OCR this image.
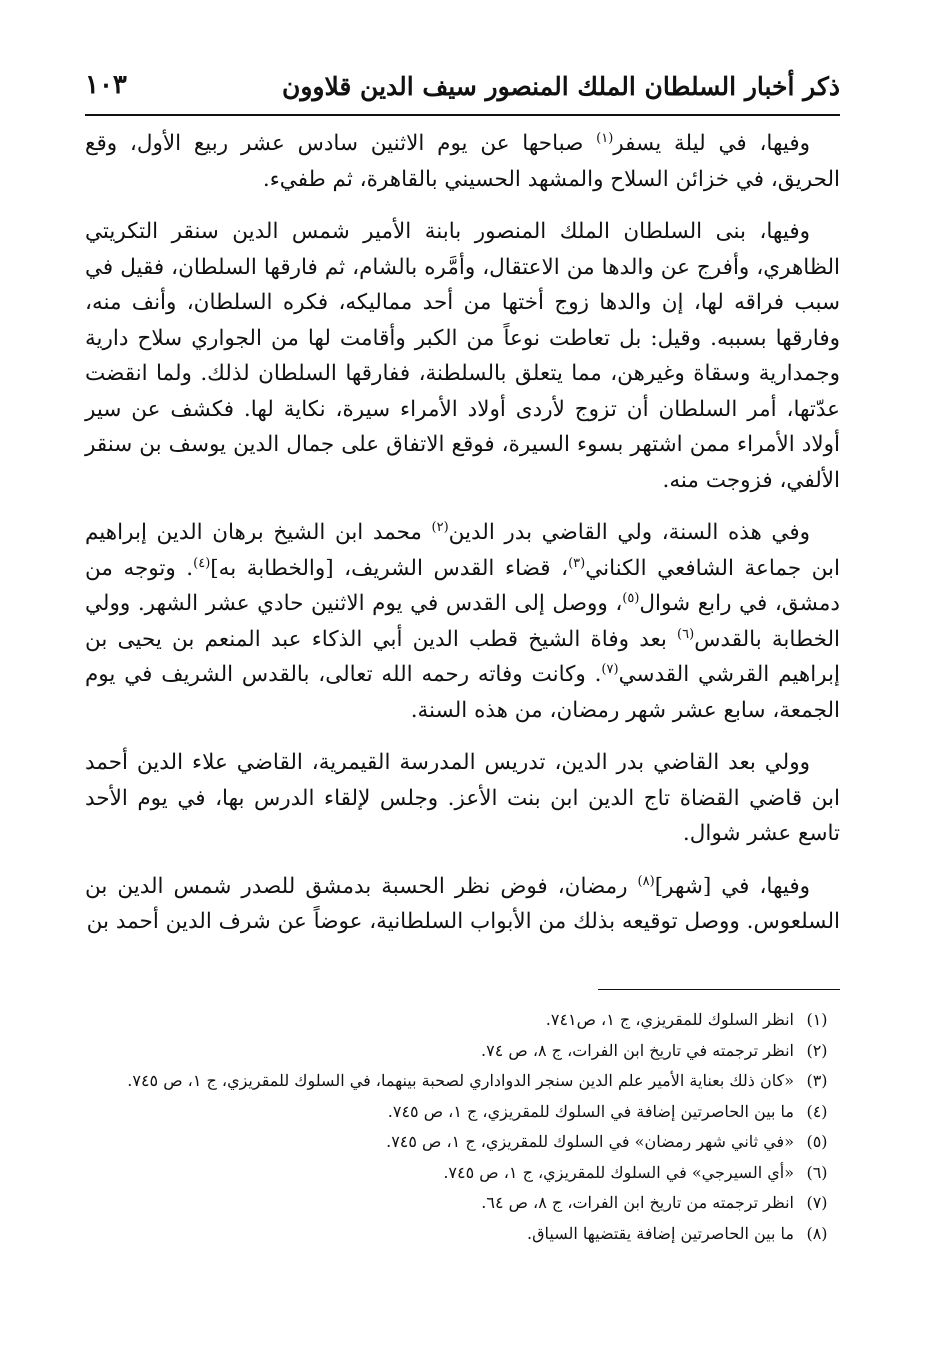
ذكر أخبار السلطان الملك المنصور سيف الدين قلاوون
١٠٣

وفيها، في ليلة يسفر$^{(١)}$ صباحها عن يوم الاثنين سادس عشر ربيع الأول، وقع الحريق، في خزائن السلاح والمشهد الحسيني بالقاهرة، ثم طفيء.

وفيها، بنى السلطان الملك المنصور بابنة الأمير شمس الدين سنقر التكريتي الظاهري، وأفرج عن والدها من الاعتقال، وأمَّره بالشام، ثم فارقها السلطان، فقيل في سبب فراقه لها، إن والدها زوج أختها من أحد مماليكه، فكره السلطان، وأنف منه، وفارقها بسببه. وقيل: بل تعاطت نوعاً من الكبر وأقامت لها من الجواري سلاح دارية وجمدارية وسقاة وغيرهن، مما يتعلق بالسلطنة، ففارقها السلطان لذلك. ولما انقضت عدّتها، أمر السلطان أن تزوج لأردى أولاد الأمراء سيرة، نكاية لها. فكشف عن سير أولاد الأمراء ممن اشتهر بسوء السيرة، فوقع الاتفاق على جمال الدين يوسف بن سنقر الألفي، فزوجت منه.

وفي هذه السنة، ولي القاضي بدر الدين$^{(٢)}$ محمد ابن الشيخ برهان الدين إبراهيم ابن جماعة الشافعي الكناني$^{(٣)}$، قضاء القدس الشريف، [والخطابة به]$^{(٤)}$. وتوجه من دمشق، في رابع شوال$^{(٥)}$، ووصل إلى القدس في يوم الاثنين حادي عشر الشهر. وولي الخطابة بالقدس$^{(٦)}$ بعد وفاة الشيخ قطب الدين أبي الذكاء عبد المنعم بن يحيى بن إبراهيم القرشي القدسي$^{(٧)}$. وكانت وفاته رحمه الله تعالى، بالقدس الشريف في يوم الجمعة، سابع عشر شهر رمضان، من هذه السنة.

وولي بعد القاضي بدر الدين، تدريس المدرسة القيمرية، القاضي علاء الدين أحمد ابن قاضي القضاة تاج الدين ابن بنت الأعز. وجلس لإلقاء الدرس بها، في يوم الأحد تاسع عشر شوال.

وفيها، في [شهر]$^{(٨)}$ رمضان، فوض نظر الحسبة بدمشق للصدر شمس الدين بن السلعوس. ووصل توقيعه بذلك من الأبواب السلطانية، عوضاً عن شرف الدين أحمد بن

(١)
انظر السلوك للمقريزي، ج ١، ص٧٤١.
(٢)
انظر ترجمته في تاريخ ابن الفرات، ج ٨، ص ٧٤.
(٣)
«كان ذلك بعناية الأمير علم الدين سنجر الدواداري لصحبة بينهما، في السلوك للمقريزي، ج ١، ص ٧٤٥.
(٤)
ما بين الحاصرتين إضافة في السلوك للمقريزي، ج ١، ص ٧٤٥.
(٥)
«في ثاني شهر رمضان» في السلوك للمقريزي، ج ١، ص ٧٤٥.
(٦)
«أي السيرجي» في السلوك للمقريزي، ج ١، ص ٧٤٥.
(٧)
انظر ترجمته من تاريخ ابن الفرات، ج ٨، ص ٦٤.
(٨)
ما بين الحاصرتين إضافة يقتضيها السياق.
